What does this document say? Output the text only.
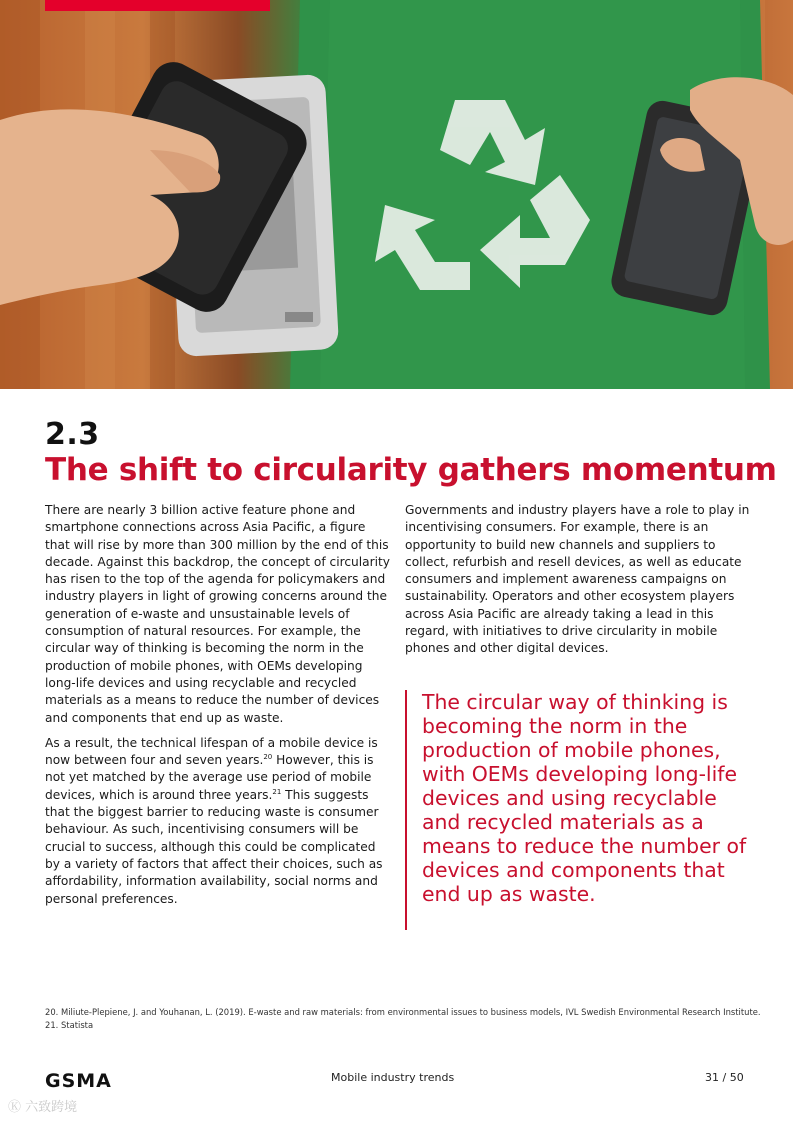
2.3
The shift to circularity gathers momentum

There are nearly 3 billion active feature phone and smartphone connections across Asia Pacific, a figure that will rise by more than 300 million by the end of this decade. Against this backdrop, the concept of circularity has risen to the top of the agenda for policymakers and industry players in light of growing concerns around the generation of e-waste and unsustainable levels of consumption of natural resources. For example, the circular way of thinking is becoming the norm in the production of mobile phones, with OEMs developing long-life devices and using recyclable and recycled materials as a means to reduce the number of devices and components that end up as waste.

As a result, the technical lifespan of a mobile device is now between four and seven years.$^{20}$ However, this is not yet matched by the average use period of mobile devices, which is around three years.$^{21}$ This suggests that the biggest barrier to reducing waste is consumer behaviour. As such, incentivising consumers will be crucial to success, although this could be complicated by a variety of factors that affect their choices, such as affordability, information availability, social norms and personal preferences.

Governments and industry players have a role to play in incentivising consumers. For example, there is an opportunity to build new channels and suppliers to collect, refurbish and resell devices, as well as educate consumers and implement awareness campaigns on sustainability. Operators and other ecosystem players across Asia Pacific are already taking a lead in this regard, with initiatives to drive circularity in mobile phones and other digital devices.

The circular way of thinking is becoming the norm in the production of mobile phones, with OEMs developing long-life devices and using recyclable and recycled materials as a means to reduce the number of devices and components that end up as waste.
20. Miliute-Plepiene, J. and Youhanan, L. (2019). E-waste and raw materials: from environmental issues to business models, IVL Swedish Environmental Research Institute.
21. Statista
GSMA	Mobile industry trends	31 / 50
Ⓚ 六致跨境
